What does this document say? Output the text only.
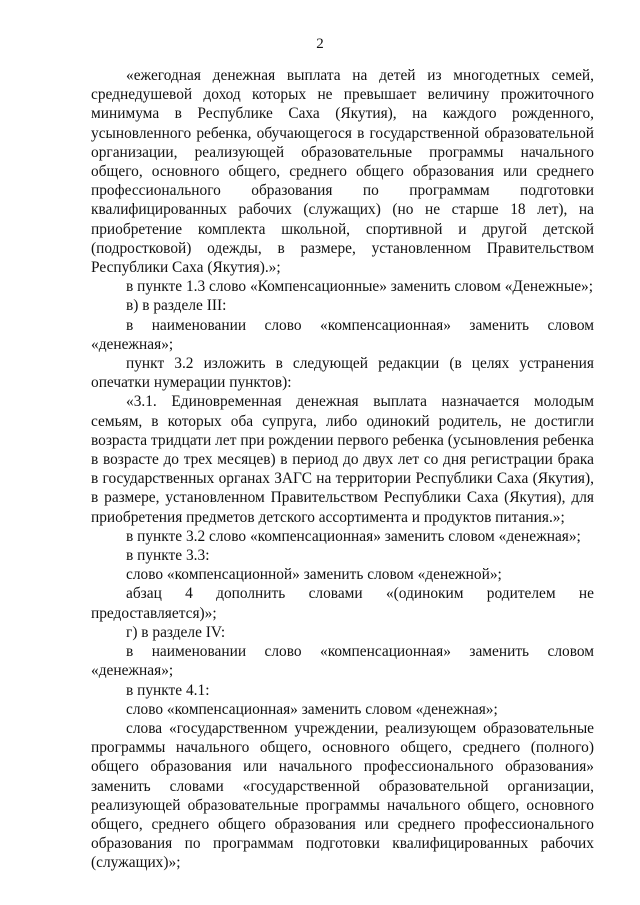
2

«ежегодная денежная выплата на детей из многодетных семей, среднедушевой доход которых не превышает величину прожиточного минимума в Республике Саха (Якутия), на каждого рожденного, усыновленного ребенка, обучающегося в государственной образовательной организации, реализующей образовательные программы начального общего, основного общего, среднего общего образования или среднего профессионального образования по программам подготовки квалифицированных рабочих (служащих) (но не старше 18 лет), на приобретение комплекта школьной, спортивной и другой детской (подростковой) одежды, в размере, установленном Правительством Республики Саха (Якутия).»;

в пункте 1.3 слово «Компенсационные» заменить словом «Денежные»;

в) в разделе III:

в наименовании слово «компенсационная» заменить словом «денежная»;

пункт 3.2 изложить в следующей редакции (в целях устранения опечатки нумерации пунктов):

«3.1. Единовременная денежная выплата назначается молодым семьям, в которых оба супруга, либо одинокий родитель, не достигли возраста тридцати лет при рождении первого ребенка (усыновления ребенка в возрасте до трех месяцев) в период до двух лет со дня регистрации брака в государственных органах ЗАГС на территории Республики Саха (Якутия), в размере, установленном Правительством Республики Саха (Якутия), для приобретения предметов детского ассортимента и продуктов питания.»;

в пункте 3.2 слово «компенсационная» заменить словом «денежная»;

в пункте 3.3:

слово «компенсационной» заменить словом «денежной»;

абзац 4 дополнить словами «(одиноким родителем не предоставляется)»;

г) в разделе IV:

в наименовании слово «компенсационная» заменить словом «денежная»;

в пункте 4.1:

слово «компенсационная» заменить словом «денежная»;

слова «государственном учреждении, реализующем образовательные программы начального общего, основного общего, среднего (полного) общего образования или начального профессионального образования» заменить словами «государственной образовательной организации, реализующей образовательные программы начального общего, основного общего, среднего общего образования или среднего профессионального образования по программам подготовки квалифицированных рабочих (служащих)»;
